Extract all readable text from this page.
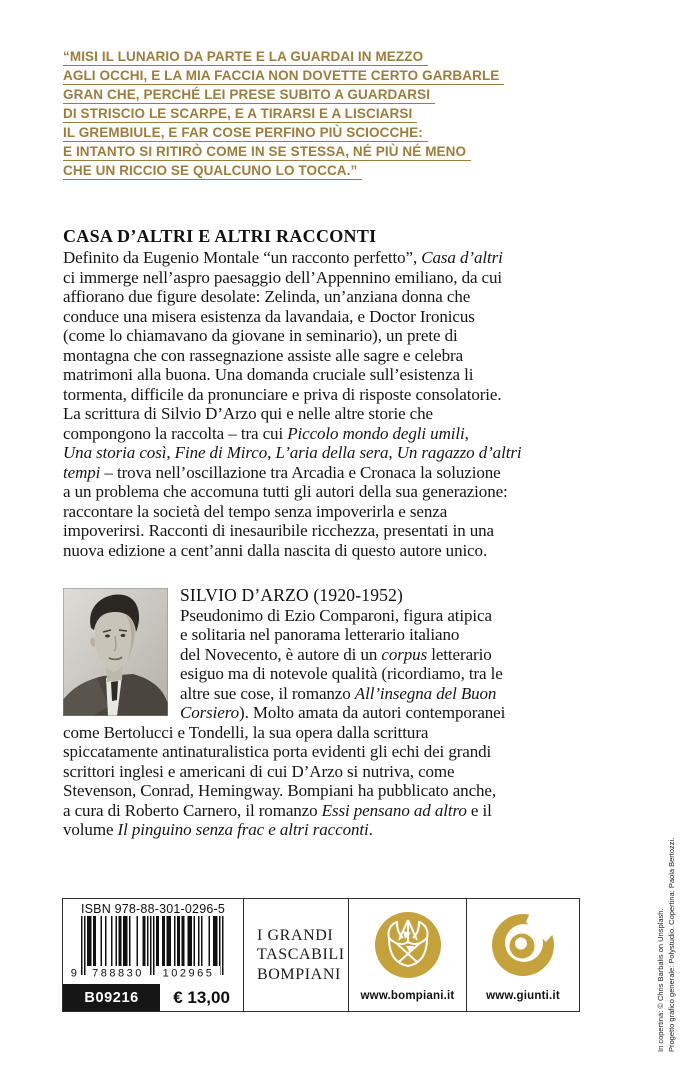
“MISI IL LUNARIO DA PARTE E LA GUARDAI IN MEZZO
AGLI OCCHI, E LA MIA FACCIA NON DOVETTE CERTO GARBARLE
GRAN CHE, PERCHÉ LEI PRESE SUBITO A GUARDARSI
DI STRISCIO LE SCARPE, E A TIRARSI E A LISCIARSI
IL GREMBIULE, E FAR COSE PERFINO PIÙ SCIOCCHE:
E INTANTO SI RITIRÒ COME IN SE STESSA, NÉ PIÙ NÉ MENO
CHE UN RICCIO SE QUALCUNO LO TOCCA.”
CASA D’ALTRI E ALTRI RACCONTI

Definito da Eugenio Montale “un racconto perfetto”, Casa d’altri
ci immerge nell’aspro paesaggio dell’Appennino emiliano, da cui
affiorano due figure desolate: Zelinda, un’anziana donna che
conduce una misera esistenza da lavandaia, e Doctor Ironicus
(come lo chiamavano da giovane in seminario), un prete di
montagna che con rassegnazione assiste alle sagre e celebra
matrimoni alla buona. Una domanda cruciale sull’esistenza li
tormenta, difficile da pronunciare e priva di risposte consolatorie.
La scrittura di Silvio D’Arzo qui e nelle altre storie che
compongono la raccolta – tra cui Piccolo mondo degli umili,
Una storia così, Fine di Mirco, L’aria della sera, Un ragazzo d’altri
tempi – trova nell’oscillazione tra Arcadia e Cronaca la soluzione
a un problema che accomuna tutti gli autori della sua generazione:
raccontare la società del tempo senza impoverirla e senza
impoverirsi. Racconti di inesauribile ricchezza, presentati in una
nuova edizione a cent’anni dalla nascita di questo autore unico.

SILVIO D’ARZO (1920-1952)
Pseudonimo di Ezio Comparoni, figura atipica
e solitaria nel panorama letterario italiano
del Novecento, è autore di un corpus letterario
esiguo ma di notevole qualità (ricordiamo, tra le
altre sue cose, il romanzo All’insegna del Buon
Corsiero). Molto amata da autori contemporanei
come Bertolucci e Tondelli, la sua opera dalla scrittura
spiccatamente antinaturalistica porta evidenti gli echi dei grandi
scrittori inglesi e americani di cui D’Arzo si nutriva, come
Stevenson, Conrad, Hemingway. Bompiani ha pubblicato anche,
a cura di Roberto Carnero, il romanzo Essi pensano ad altro e il
volume Il pinguino senza frac e altri racconti.

ISBN 978-88-301-0296-5
9 788830 102965
B09216	€ 13,00
I GRANDI
TASCABILI
BOMPIANI
www.bompiani.it	www.giunti.it	In copertina: © Chris Barbalis on Unsplash. Progetto grafico generale: Polystudio. Copertina: Paola Bertozzi.
